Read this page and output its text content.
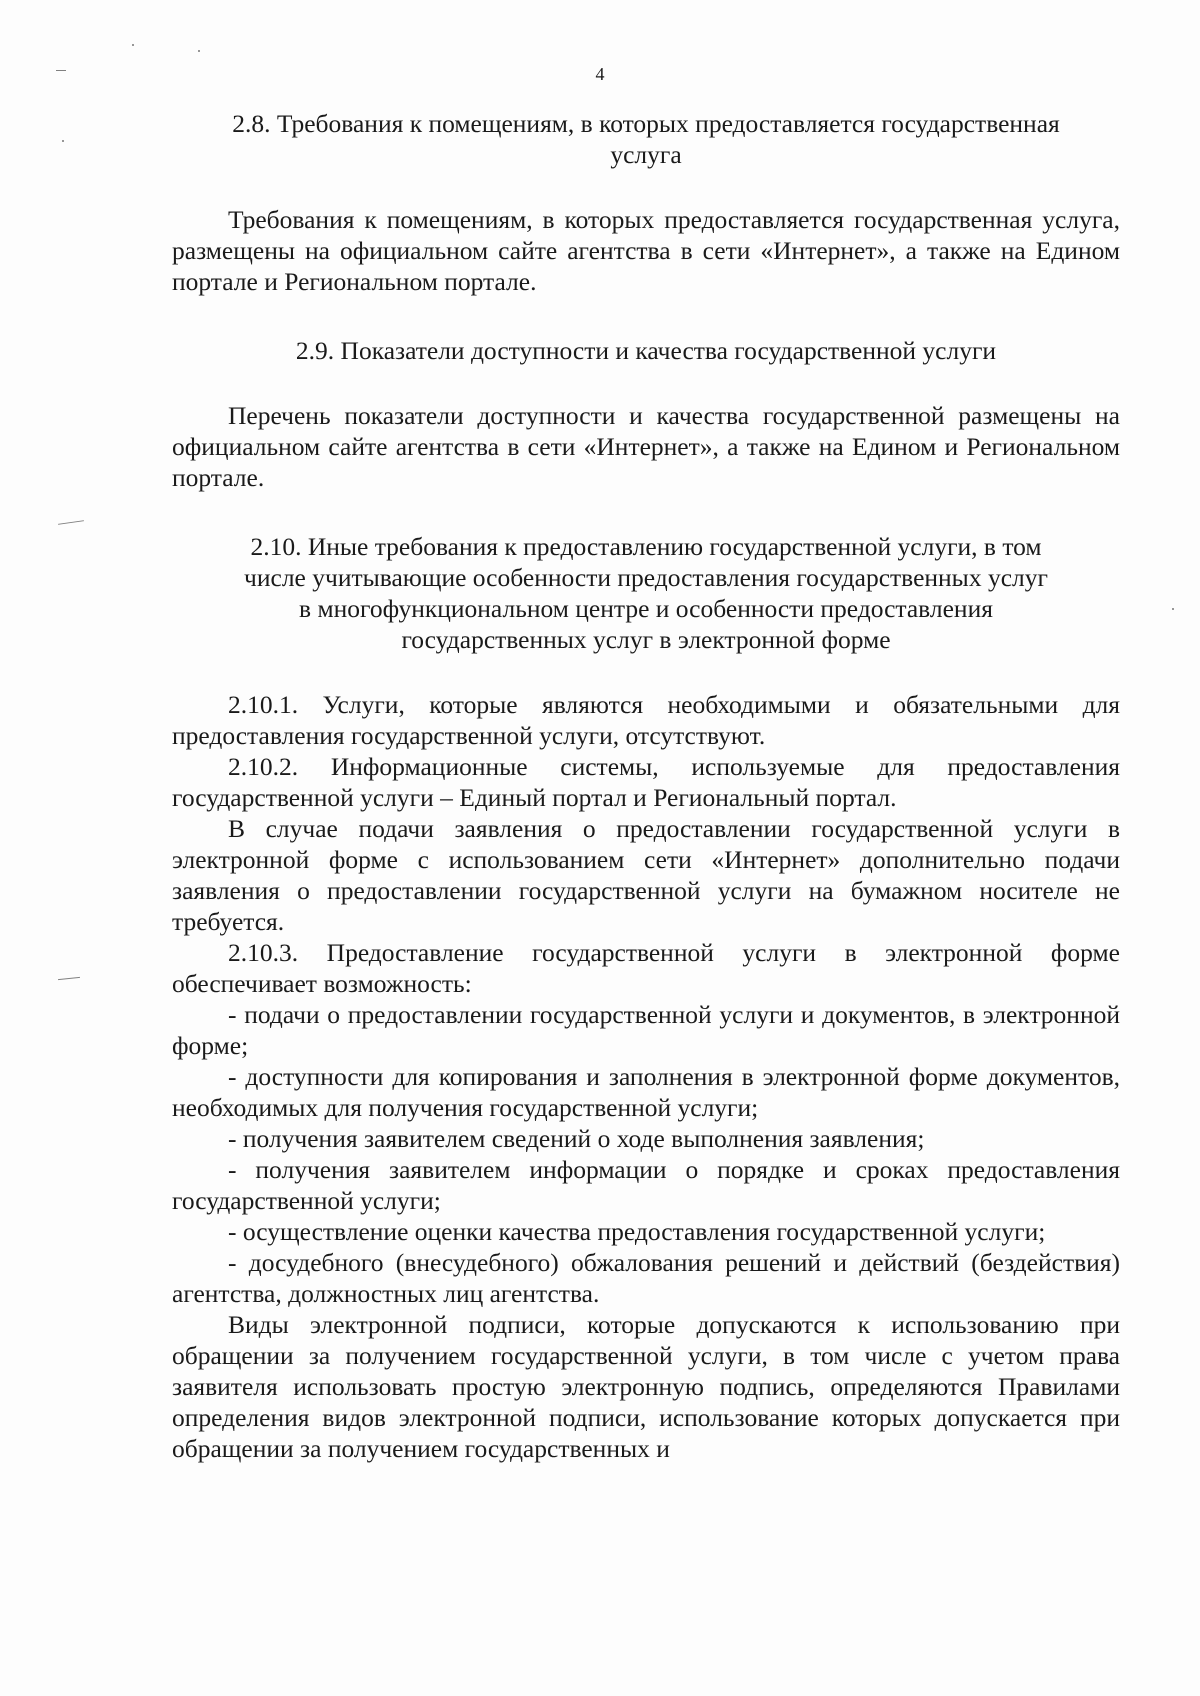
4
2.8. Требования к помещениям, в которых предоставляется государственная услуга

Требования к помещениям, в которых предоставляется государственная услуга, размещены на официальном сайте агентства в сети «Интернет», а также на Едином портале и Региональном портале.

2.9. Показатели доступности и качества государственной услуги

Перечень показатели доступности и качества государственной размещены на официальном сайте агентства в сети «Интернет», а также на Едином и Региональном портале.

2.10. Иные требования к предоставлению государственной услуги, в том числе учитывающие особенности предоставления государственных услуг в многофункциональном центре и особенности предоставления государственных услуг в электронной форме

2.10.1. Услуги, которые являются необходимыми и обязательными для предоставления государственной услуги, отсутствуют.

2.10.2. Информационные системы, используемые для предоставления государственной услуги – Единый портал и Региональный портал.

В случае подачи заявления о предоставлении государственной услуги в электронной форме с использованием сети «Интернет» дополнительно подачи заявления о предоставлении государственной услуги на бумажном носителе не требуется.

2.10.3. Предоставление государственной услуги в электронной форме обеспечивает возможность:

- подачи о предоставлении государственной услуги и документов, в электронной форме;

- доступности для копирования и заполнения в электронной форме документов, необходимых для получения государственной услуги;

- получения заявителем сведений о ходе выполнения заявления;

- получения заявителем информации о порядке и сроках предоставления государственной услуги;

- осуществление оценки качества предоставления государственной услуги;

- досудебного (внесудебного) обжалования решений и действий (бездействия) агентства, должностных лиц агентства.

Виды электронной подписи, которые допускаются к использованию при обращении за получением государственной услуги, в том числе с учетом права заявителя использовать простую электронную подпись, определяются Правилами определения видов электронной подписи, использование которых допускается при обращении за получением государственных и
